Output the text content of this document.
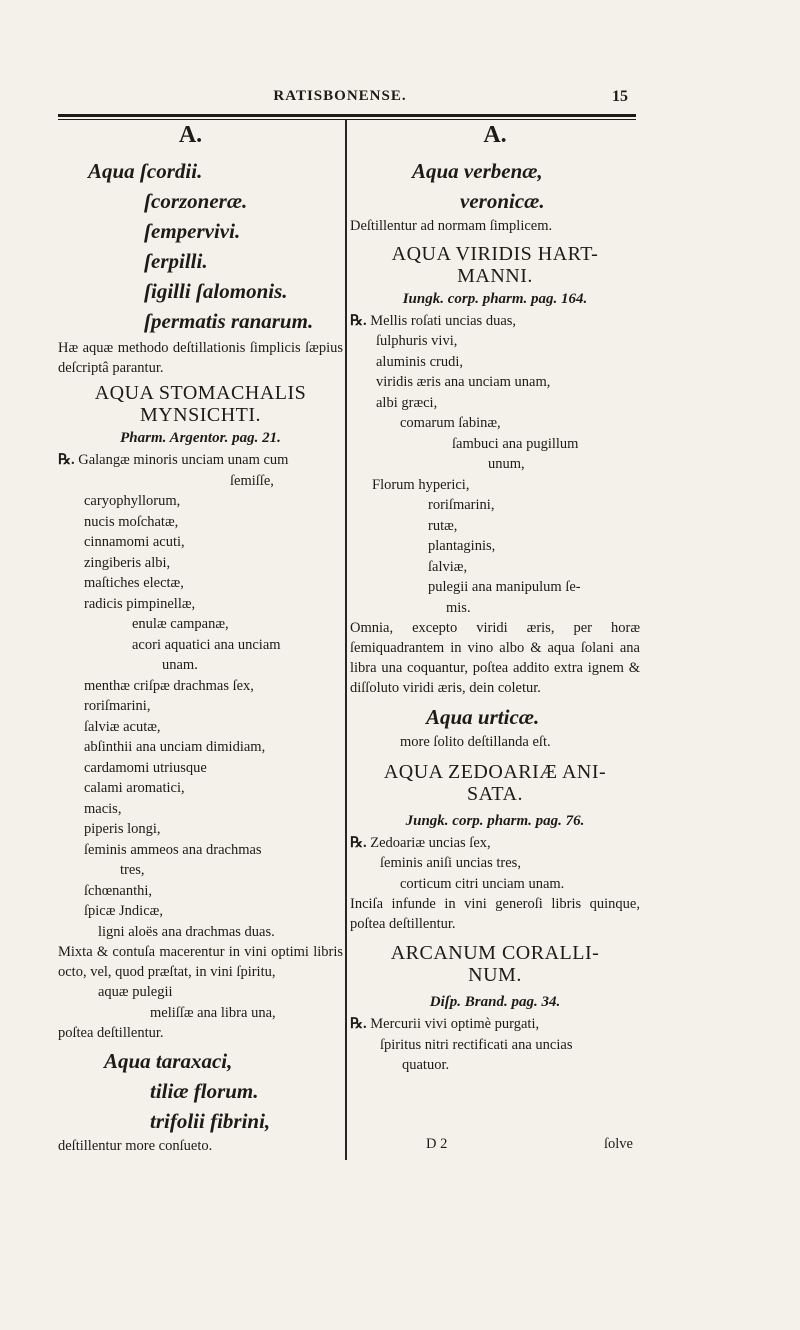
RATISBONENSE.	15
A.
Aqua ſcordii.
ſcorzoneræ.
ſempervivi.
ſerpilli.
ſigilli ſalomonis.
ſpermatis ranarum.
Hæ aquæ methodo deſtillationis ſimplicis ſæpius deſcriptâ parantur.
AQUA STOMACHALIS
MYNSICHTI.
Pharm. Argentor. pag. 21.
℞. Galangæ minoris unciam unam cum
ſemiſſe,
caryophyllorum,
nucis moſchatæ,
cinnamomi acuti,
zingiberis albi,
maſtiches electæ,
radicis pimpinellæ,
enulæ campanæ,
acori aquatici ana unciam
unam.
menthæ criſpæ drachmas ſex,
roriſmarini,
ſalviæ acutæ,
abſinthii ana unciam dimidiam,
cardamomi utriusque
calami aromatici,
macis,
piperis longi,
ſeminis ammeos ana drachmas
tres,
ſchœnanthi,
ſpicæ Jndicæ,
ligni aloës ana drachmas duas.
Mixta & contuſa macerentur in vini optimi libris octo, vel, quod præſtat, in vini ſpiritu,
aquæ pulegii
meliſſæ ana libra una,
poſtea deſtillentur.
Aqua taraxaci,
tiliæ florum.
trifolii fibrini,
deſtillentur more conſueto.
A.
Aqua verbenæ,
veronicæ.
Deſtillentur ad normam ſimplicem.
AQUA VIRIDIS HART-
MANNI.
Iungk. corp. pharm. pag. 164.
℞. Mellis roſati uncias duas,
ſulphuris vivi,
aluminis crudi,
viridis æris ana unciam unam,
albi græci,
comarum ſabinæ,
ſambuci ana pugillum
unum,
Florum hyperici,
roriſmarini,
rutæ,
plantaginis,
ſalviæ,
pulegii ana manipulum ſe-
mis.
Omnia, excepto viridi æris, per horæ ſemiquadrantem in vino albo & aqua ſolani ana libra una coquantur, poſtea addito extra ignem & diſſoluto viridi æris, dein coletur.
Aqua urticæ.
more ſolito deſtillanda eſt.
AQUA ZEDOARIÆ ANI-
SATA.
Jungk. corp. pharm. pag. 76.
℞. Zedoariæ uncias ſex,
ſeminis aniſi uncias tres,
corticum citri unciam unam.
Inciſa infunde in vini generoſi libris quinque, poſtea deſtillentur.
ARCANUM CORALLI-
NUM.
Diſp. Brand. pag. 34.
℞. Mercurii vivi optimè purgati,
ſpiritus nitri rectificati ana uncias
quatuor.
D 2	ſolve
